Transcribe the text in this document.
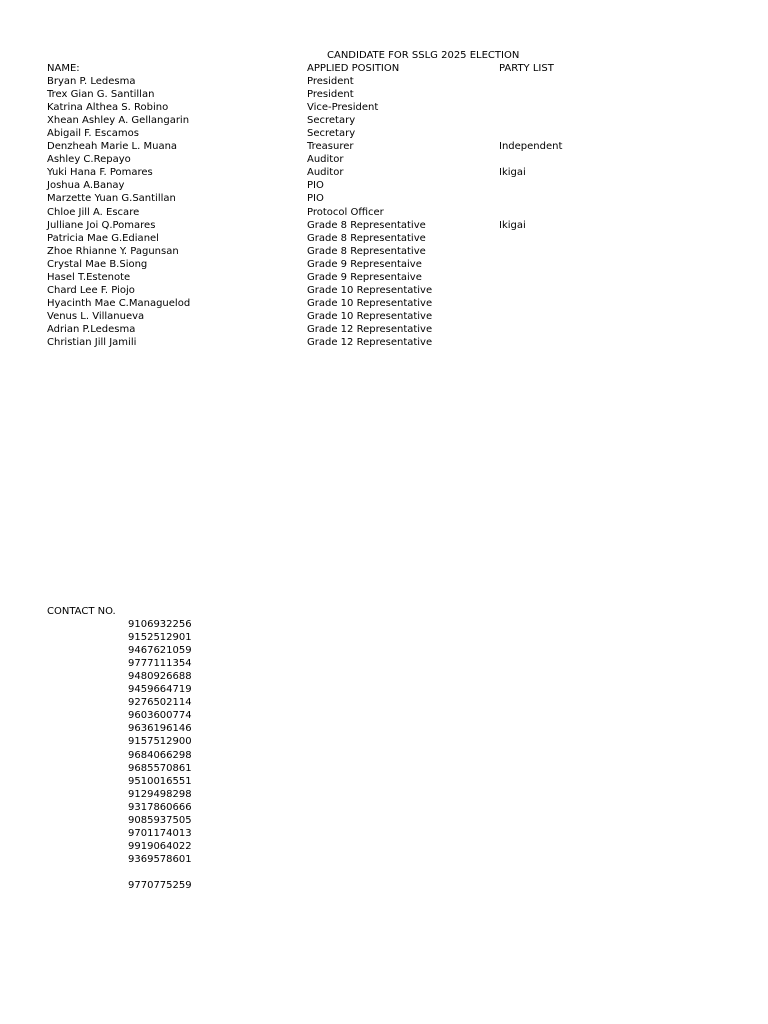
CANDIDATE FOR SSLG 2025 ELECTION
NAME:	APPLIED POSITION	PARTY LIST
Bryan P. Ledesma	President
Trex Gian G. Santillan	President
Katrina Althea S. Robino	Vice-President
Xhean Ashley A. Gellangarin	Secretary
Abigail F. Escamos	Secretary
Denzheah Marie L. Muana	Treasurer	Independent
Ashley C.Repayo	Auditor
Yuki Hana F. Pomares	Auditor	Ikigai
Joshua A.Banay	PIO
Marzette Yuan G.Santillan	PIO
Chloe Jill A. Escare	Protocol Officer
Julliane Joi Q.Pomares	Grade 8 Representative	Ikigai
Patricia Mae G.Edianel	Grade 8 Representative
Zhoe Rhianne Y. Pagunsan	Grade 8 Representative
Crystal Mae B.Siong	Grade 9 Representaive
Hasel T.Estenote	Grade 9 Representaive
Chard Lee F. Piojo	Grade 10 Representative
Hyacinth Mae C.Managuelod	Grade 10 Representative
Venus L. Villanueva	Grade 10 Representative
Adrian P.Ledesma	Grade 12 Representative
Christian Jill Jamili	Grade 12 Representative
CONTACT NO.
9106932256
9152512901
9467621059
9777111354
9480926688
9459664719
9276502114
9603600774
9636196146
9157512900
9684066298
9685570861
9510016551
9129498298
9317860666
9085937505
9701174013
9919064022
9369578601
9770775259
